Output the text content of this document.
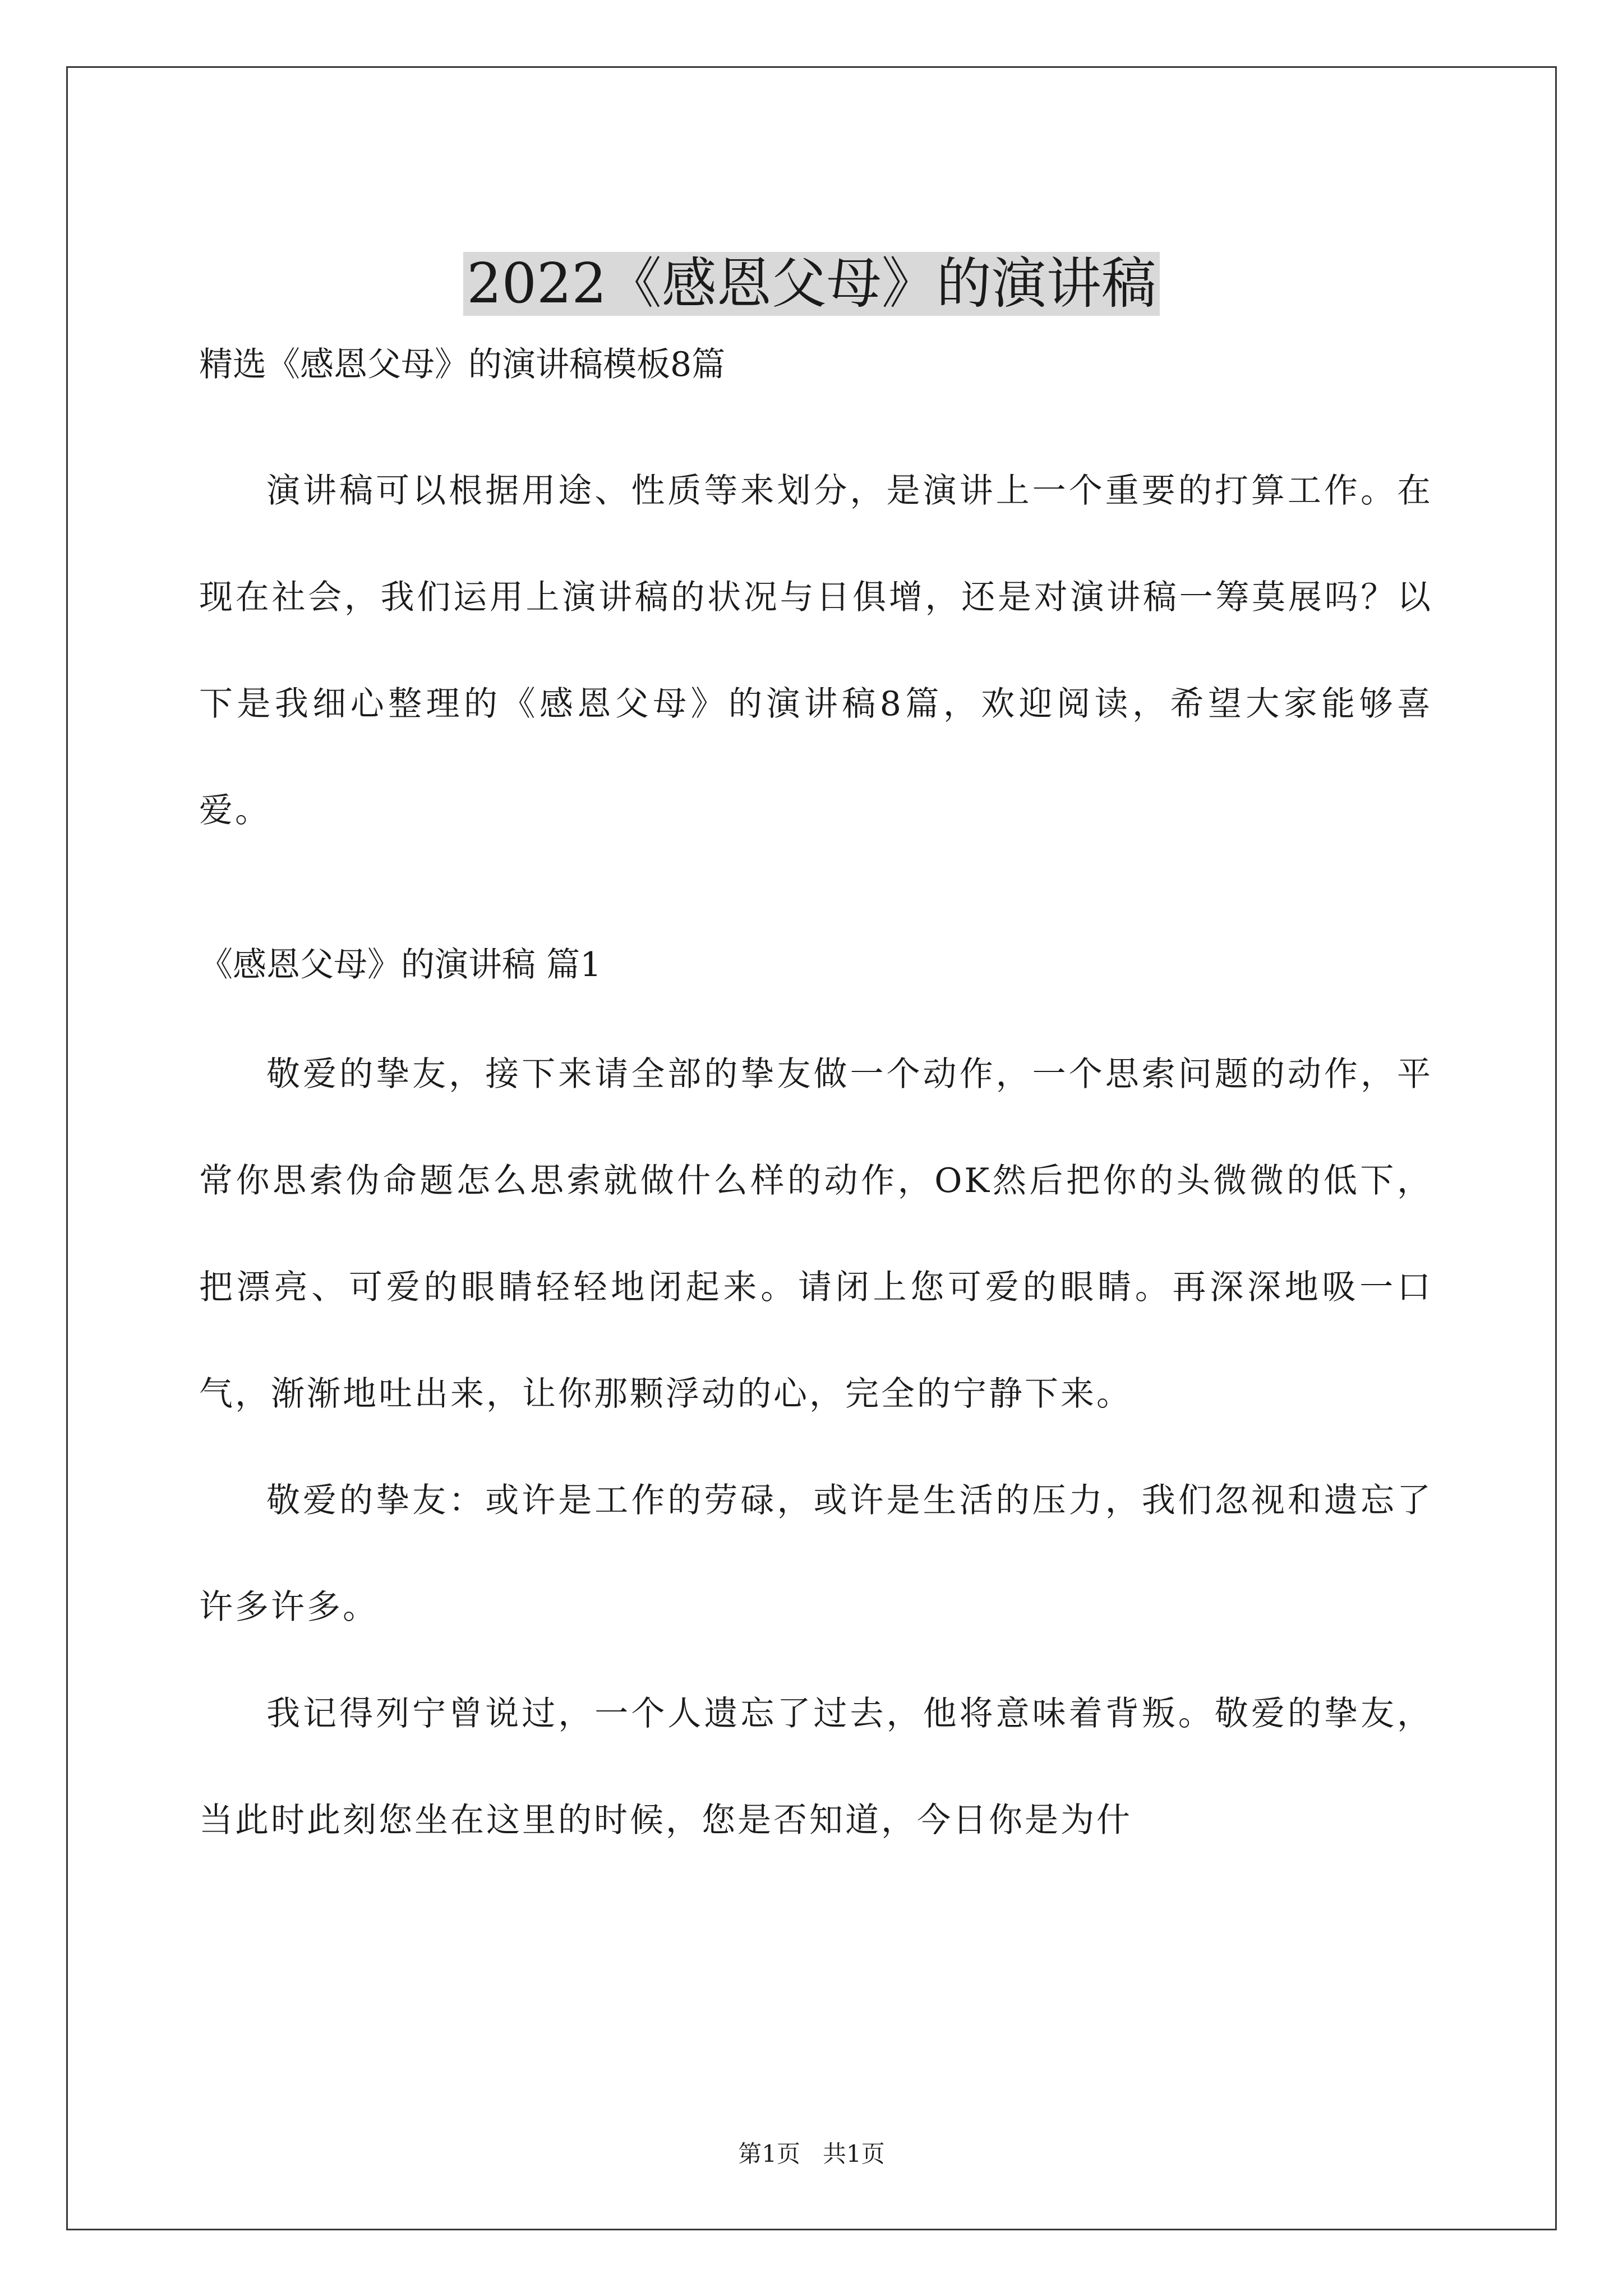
2022《感恩父母》的演讲稿

精选《感恩父母》的演讲稿模板8篇

演讲稿可以根据用途、性质等来划分，是演讲上一个重要的打算工作。在现在社会，我们运用上演讲稿的状况与日俱增，还是对演讲稿一筹莫展吗？以下是我细心整理的《感恩父母》的演讲稿8篇，欢迎阅读，希望大家能够喜爱。

《感恩父母》的演讲稿 篇1

敬爱的挚友，接下来请全部的挚友做一个动作，一个思索问题的动作，平常你思索伪命题怎么思索就做什么样的动作，OK然后把你的头微微的低下，把漂亮、可爱的眼睛轻轻地闭起来。请闭上您可爱的眼睛。再深深地吸一口气，渐渐地吐出来，让你那颗浮动的心，完全的宁静下来。

敬爱的挚友：或许是工作的劳碌，或许是生活的压力，我们忽视和遗忘了许多许多。

我记得列宁曾说过，一个人遗忘了过去，他将意味着背叛。敬爱的挚友，当此时此刻您坐在这里的时候，您是否知道，今日你是为什

第1页 共1页
